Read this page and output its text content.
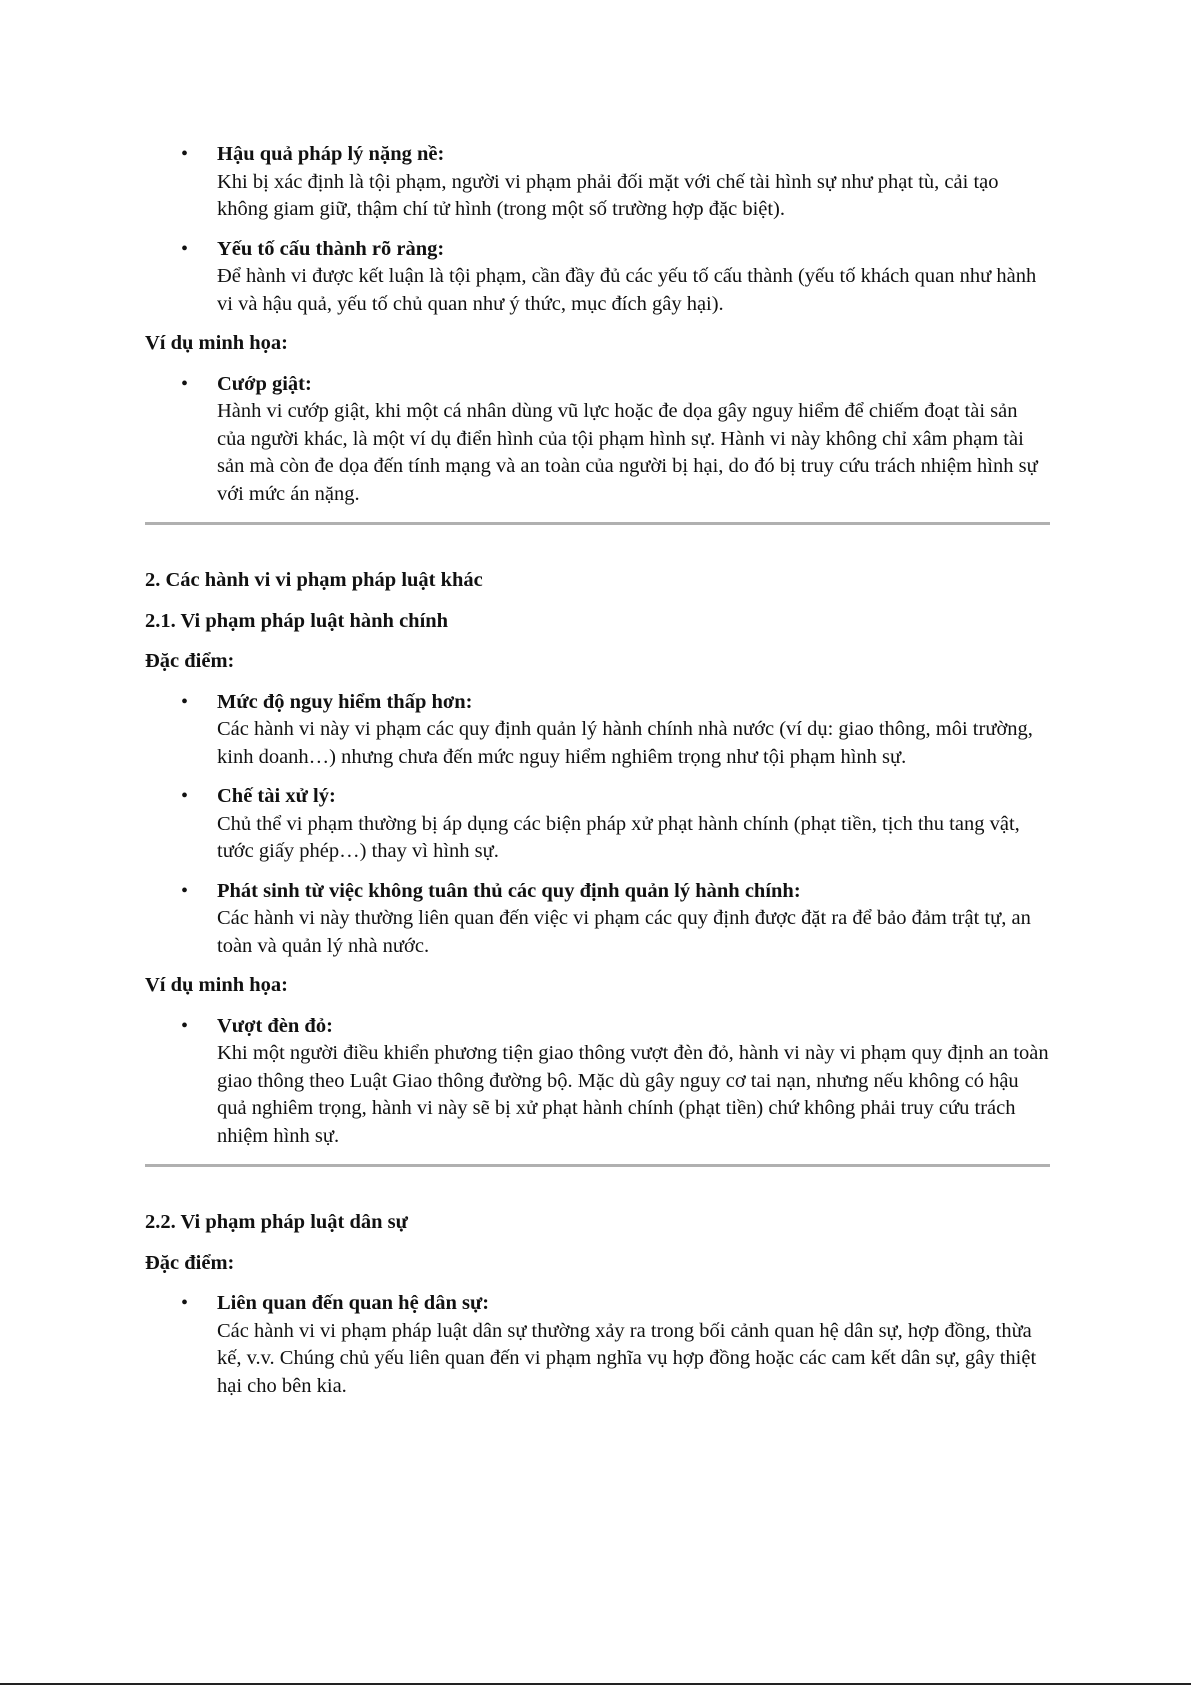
• Hậu quả pháp lý nặng nề:
Khi bị xác định là tội phạm, người vi phạm phải đối mặt với chế tài hình sự như phạt tù, cải tạo không giam giữ, thậm chí tử hình (trong một số trường hợp đặc biệt).
• Yếu tố cấu thành rõ ràng:
Để hành vi được kết luận là tội phạm, cần đầy đủ các yếu tố cấu thành (yếu tố khách quan như hành vi và hậu quả, yếu tố chủ quan như ý thức, mục đích gây hại).
Ví dụ minh họa:
• Cướp giật:
Hành vi cướp giật, khi một cá nhân dùng vũ lực hoặc đe dọa gây nguy hiểm để chiếm đoạt tài sản của người khác, là một ví dụ điển hình của tội phạm hình sự. Hành vi này không chỉ xâm phạm tài sản mà còn đe dọa đến tính mạng và an toàn của người bị hại, do đó bị truy cứu trách nhiệm hình sự với mức án nặng.
2. Các hành vi vi phạm pháp luật khác
2.1. Vi phạm pháp luật hành chính
Đặc điểm:
• Mức độ nguy hiểm thấp hơn:
Các hành vi này vi phạm các quy định quản lý hành chính nhà nước (ví dụ: giao thông, môi trường, kinh doanh…) nhưng chưa đến mức nguy hiểm nghiêm trọng như tội phạm hình sự.
• Chế tài xử lý:
Chủ thể vi phạm thường bị áp dụng các biện pháp xử phạt hành chính (phạt tiền, tịch thu tang vật, tước giấy phép…) thay vì hình sự.
• Phát sinh từ việc không tuân thủ các quy định quản lý hành chính:
Các hành vi này thường liên quan đến việc vi phạm các quy định được đặt ra để bảo đảm trật tự, an toàn và quản lý nhà nước.
Ví dụ minh họa:
• Vượt đèn đỏ:
Khi một người điều khiển phương tiện giao thông vượt đèn đỏ, hành vi này vi phạm quy định an toàn giao thông theo Luật Giao thông đường bộ. Mặc dù gây nguy cơ tai nạn, nhưng nếu không có hậu quả nghiêm trọng, hành vi này sẽ bị xử phạt hành chính (phạt tiền) chứ không phải truy cứu trách nhiệm hình sự.
2.2. Vi phạm pháp luật dân sự
Đặc điểm:
• Liên quan đến quan hệ dân sự:
Các hành vi vi phạm pháp luật dân sự thường xảy ra trong bối cảnh quan hệ dân sự, hợp đồng, thừa kế, v.v. Chúng chủ yếu liên quan đến vi phạm nghĩa vụ hợp đồng hoặc các cam kết dân sự, gây thiệt hại cho bên kia.
